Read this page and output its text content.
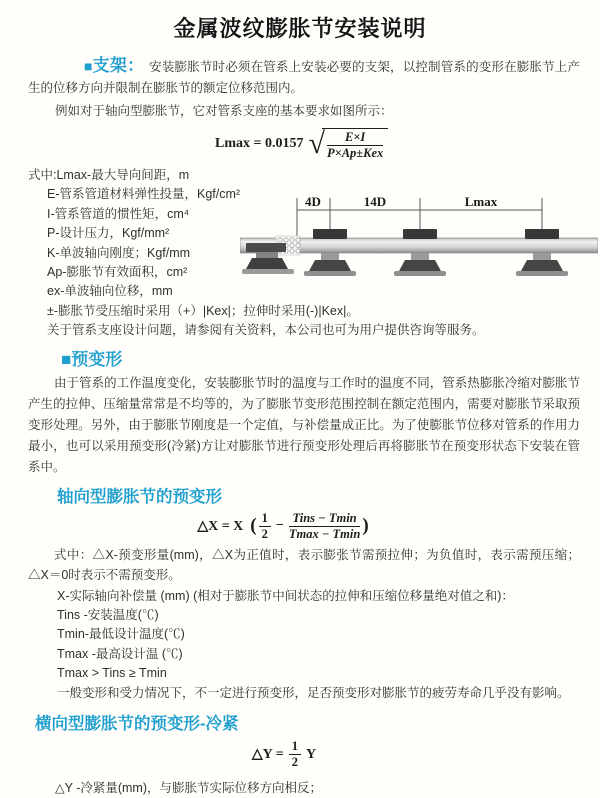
金属波纹膨胀节安装说明

■支架： 安装膨胀节时必须在管系上安装必要的支架，以控制管系的变形在膨胀节上产生的位移方向并限制在膨胀节的额定位移范围内。

例如对于轴向型膨胀节，它对管系支座的基本要求如图所示：

Lmax = 0.0157 √ $\frac{E\times I}{\text{P×Ap±Kex}}$
式中:Lmax-最大导向间距，m
E-管系管道材料弹性投量，Kgf/cm²
I-管系管道的惯性矩，cm⁴
P-设计压力，Kgf/mm²
K-单波轴向刚度；Kgf/mm
Ap-膨胀节有效面积，cm²
ex-单波轴向位移，mm
±-膨胀节受压缩时采用（+）|Kex|；拉伸时采用(-)|Kex|。
关于管系支座设计问题，请参阅有关资料，本公司也可为用户提供咨询等服务。
4D	14D	Lmax
■预变形

由于管系的工作温度变化，安装膨胀节时的温度与工作时的温度不同，管系热膨胀冷缩对膨胀节产生的拉伸、压缩量常常是不均等的，为了膨胀节变形范围控制在额定范围内，需要对膨胀节采取预变形处理。另外，由于膨胀节刚度是一个定值，与补偿量成正比。为了使膨胀节位移对管系的作用力最小，也可以采用预变形(冷紧)方让对膨胀节进行预变形处理后再将膨胀节在预变形状态下安装在管系中。

轴向型膨胀节的预变形
△X = X ( $\frac{1}{2} - \frac{\text{Tins − Tmin}}{Tmax - Tmin}$ )

式中：△X-预变形量(mm)，△X为正值时，表示膨张节需预拉伸；为负值时，表示需预压缩；△X＝0时表示不需预变形。

X-实际轴向补偿量 (mm) (相对于膨胀节中间状态的拉伸和压缩位移量绝对值之和)：
Tins -安装温度(℃)
Tmin-最低设计温度(℃)
Tmax -最高设计温 (℃)
Tmax > Tins ≥ Tmin
一般变形和受力情况下，不一定进行预变形，足否预变形对膨胀节的疲劳寿命几乎没有影响。
横向型膨胀节的预变形-冷紧
△Y = $\frac{1}{2}$ Y
△Y -冷紧量(mm)，与膨胀节实际位移方向相反；
